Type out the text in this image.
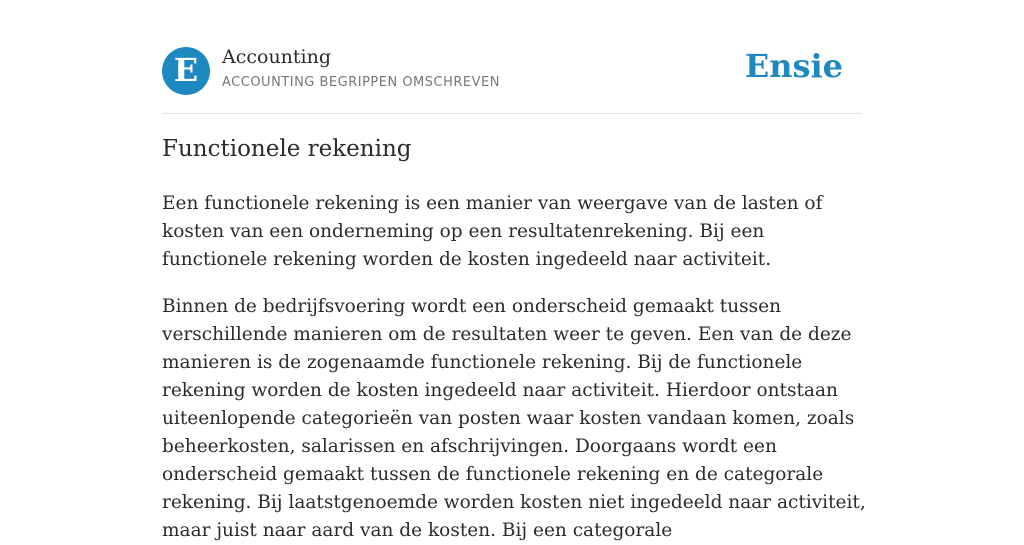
E Accounting
ACCOUNTING BEGRIPPEN OMSCHREVEN	Ensie
Functionele rekening

Een functionele rekening is een manier van weergave van de lasten of kosten van een onderneming op een resultatenrekening. Bij een functionele rekening worden de kosten ingedeeld naar activiteit.

Binnen de bedrijfsvoering wordt een onderscheid gemaakt tussen verschillende manieren om de resultaten weer te geven. Een van de deze manieren is de zogenaamde functionele rekening. Bij de functionele rekening worden de kosten ingedeeld naar activiteit. Hierdoor ontstaan uiteenlopende categorieën van posten waar kosten vandaan komen, zoals beheerkosten, salarissen en afschrijvingen. Doorgaans wordt een onderscheid gemaakt tussen de functionele rekening en de categorale rekening. Bij laatstgenoemde worden kosten niet ingedeeld naar activiteit, maar juist naar aard van de kosten. Bij een categorale
